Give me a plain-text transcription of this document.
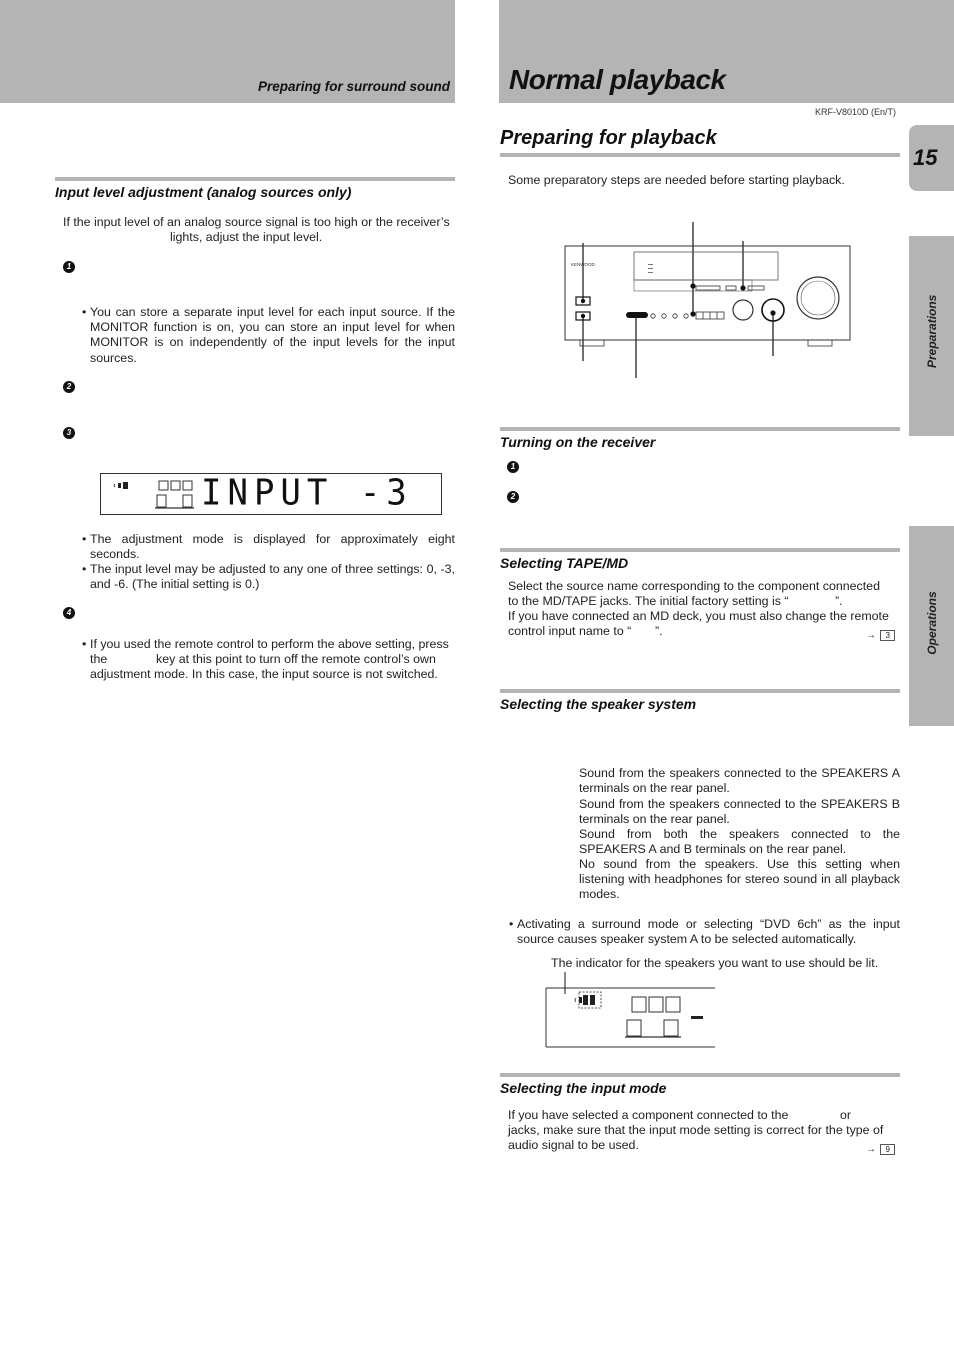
Preparing for surround sound Normal playback
KRF-V8010D (En/T)
15
Preparations
Operations
Input level adjustment (analog sources only)
If the input level of an analog source signal is too high or the receiver’s
lights, adjust the input level.
1
• You can store a separate input level for each input source. If the MONITOR function is on, you can store an input level for when MONITOR is on independently of the input levels for the input sources.
2
3
INPUT -3
• The adjustment mode is displayed for approximately eight seconds.
• The input level may be adjusted to any one of three settings: 0, -3, and -6. (The initial setting is 0.)
4
• If you used the remote control to perform the above setting, press
the	key at this point to turn off the remote control’s own
adjustment mode. In this case, the input source is not switched.
Preparing for playback
Some preparatory steps are needed before starting playback.
KENWOOD
Turning on the receiver
1
2
Selecting TAPE/MD
Select the source name corresponding to the component connected
to the MD/TAPE jacks. The initial factory setting is “	”.
If you have connected an MD deck, you must also change the remote
control input name to “ ”.	→ 3
Selecting the speaker system
Sound from the speakers connected to the SPEAKERS A terminals on the rear panel.
Sound from the speakers connected to the SPEAKERS B terminals on the rear panel.
Sound from both the speakers connected to the SPEAKERS A and B terminals on the rear panel.
No sound from the speakers. Use this setting when listening with headphones for stereo sound in all playback modes.
• Activating a surround mode or selecting “DVD 6ch” as the input source causes speaker system A to be selected automatically.
The indicator for the speakers you want to use should be lit.
Selecting the input mode
If you have selected a component connected to the	or
jacks, make sure that the input mode setting is correct for the type of
audio signal to be used.	→ 9
